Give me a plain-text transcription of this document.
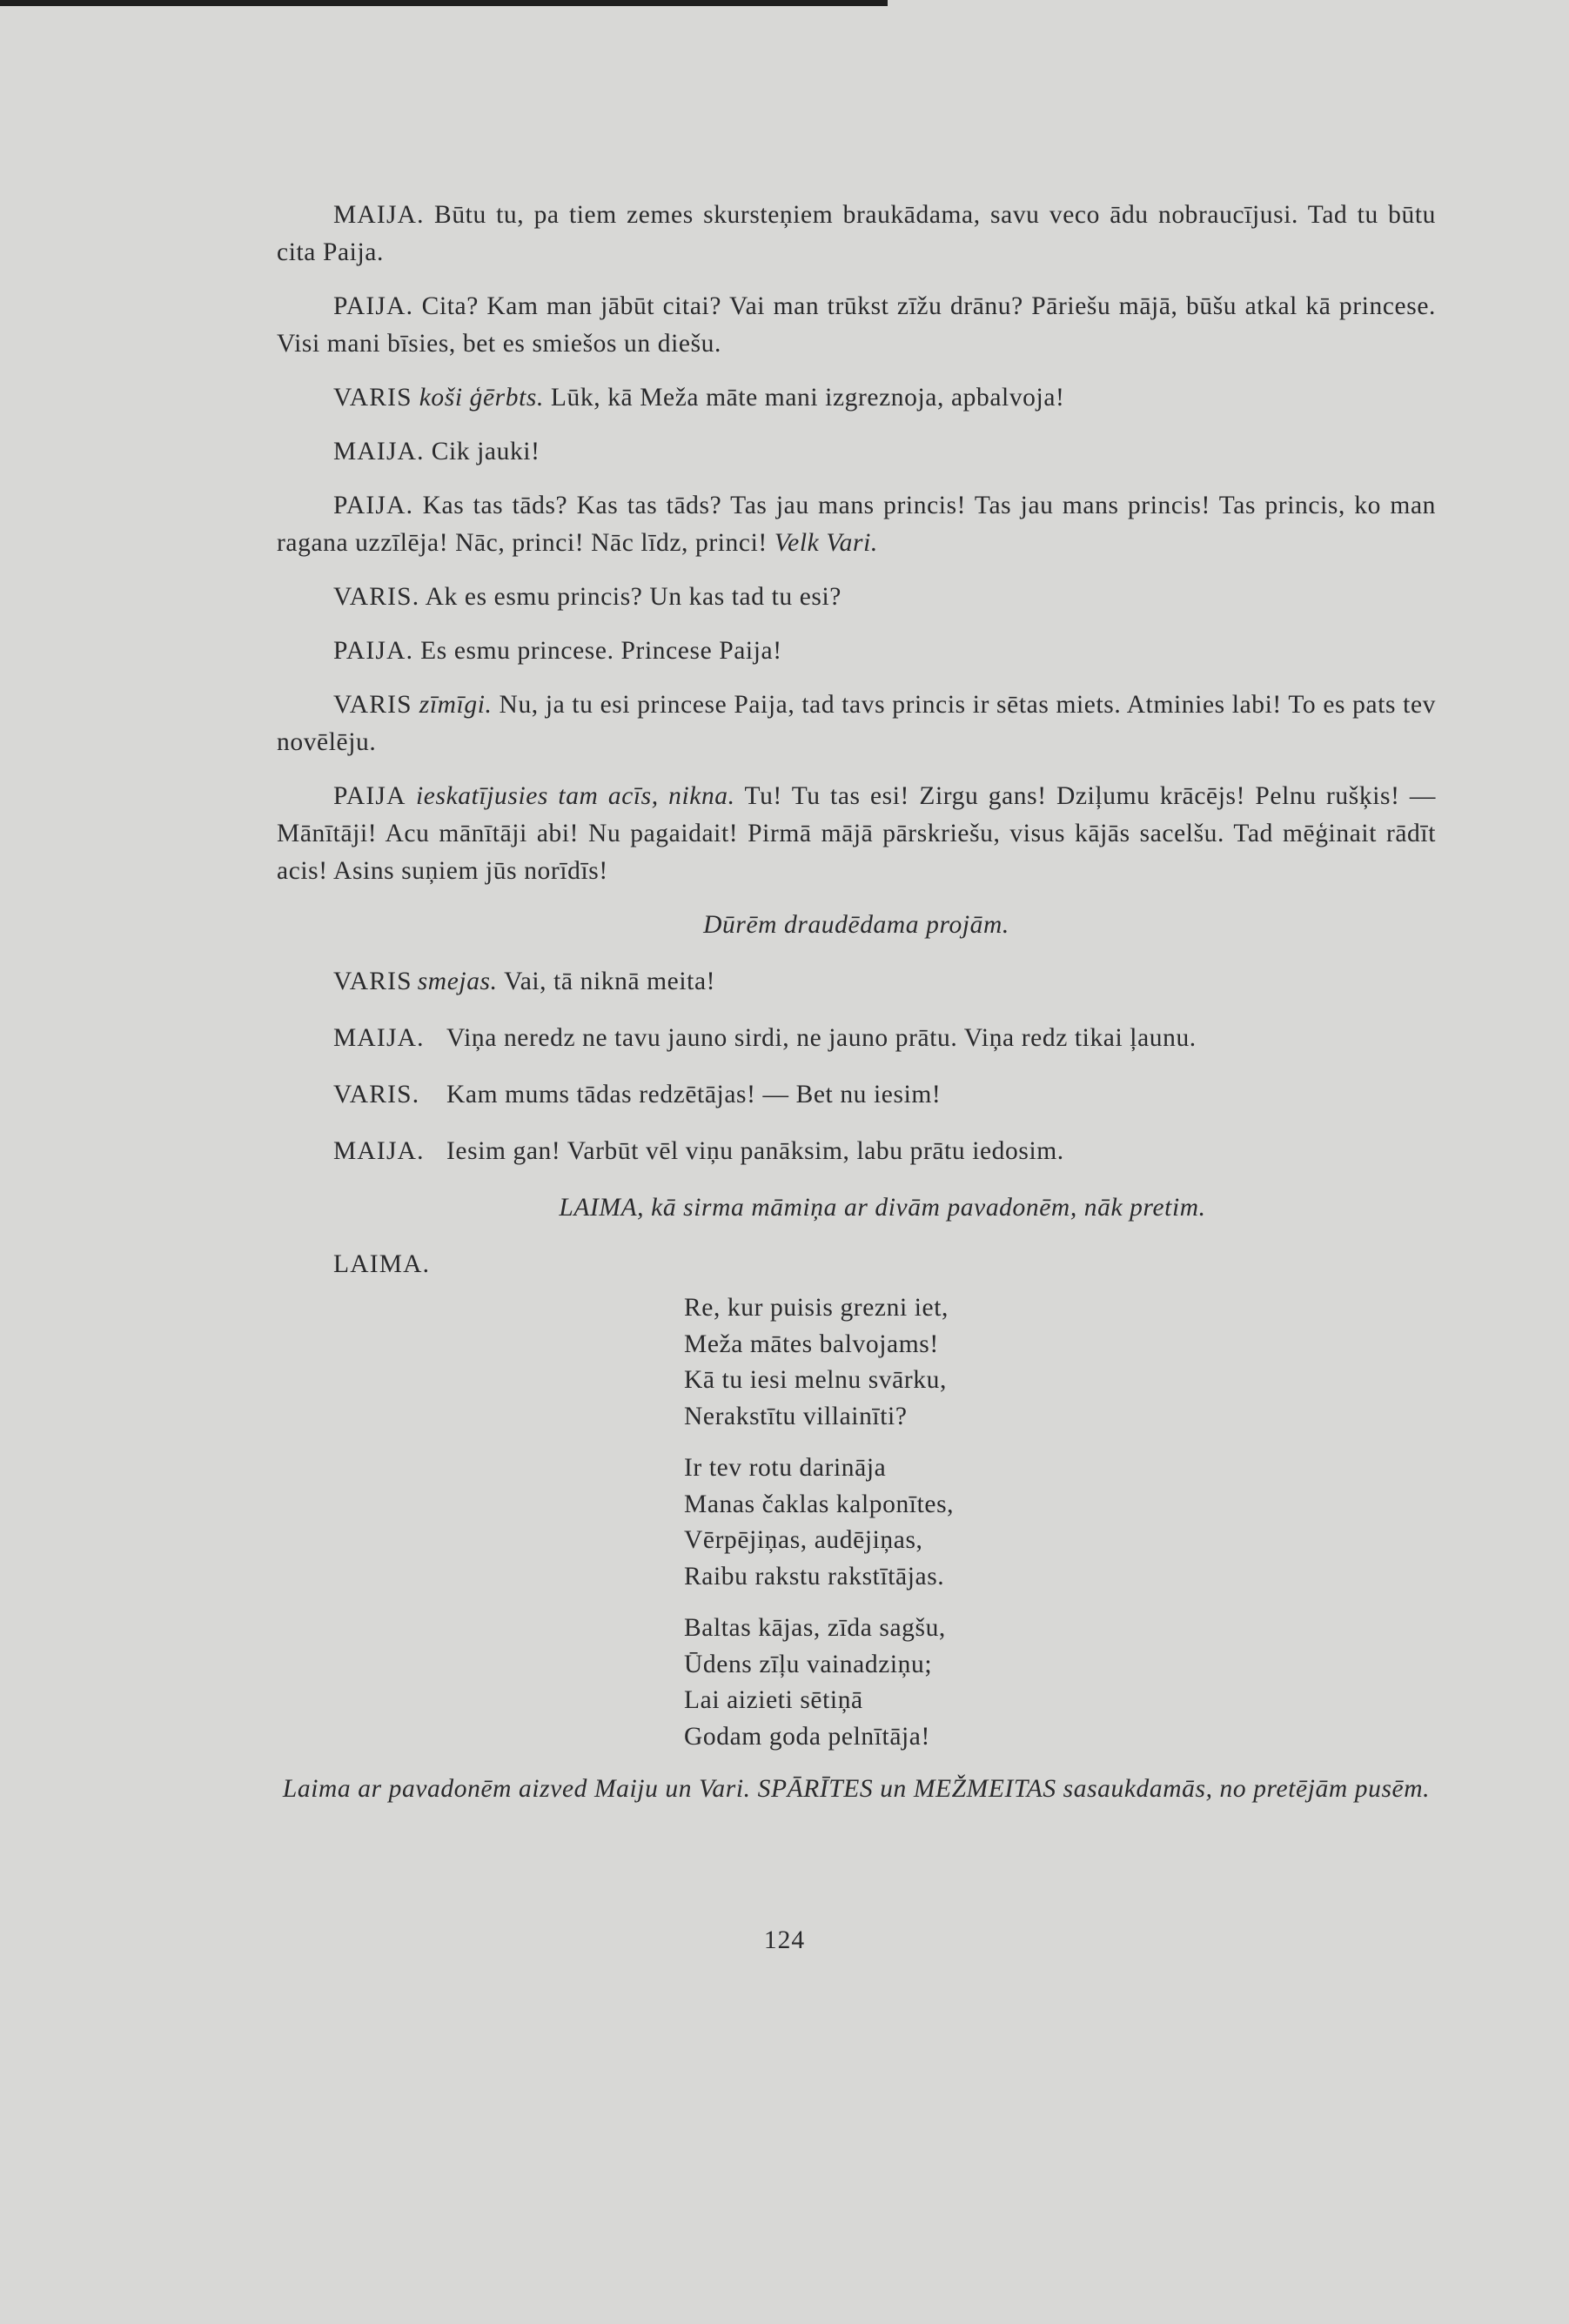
MAIJA. Būtu tu, pa tiem zemes skursteņiem braukādama, savu veco ādu nobraucījusi. Tad tu būtu cita Paija.

PAIJA. Cita? Kam man jābūt citai? Vai man trūkst zīžu drānu? Pāriešu mājā, būšu atkal kā princese. Visi mani bīsies, bet es smiešos un diešu.

VARIS koši ģērbts. Lūk, kā Meža māte mani izgreznoja, apbalvoja!

MAIJA. Cik jauki!

PAIJA. Kas tas tāds? Kas tas tāds? Tas jau mans princis! Tas jau mans princis! Tas princis, ko man ragana uzzīlēja! Nāc, princi! Nāc līdz, princi! Velk Vari.

VARIS. Ak es esmu princis? Un kas tad tu esi?

PAIJA. Es esmu princese. Princese Paija!

VARIS zīmīgi. Nu, ja tu esi princese Paija, tad tavs princis ir sētas miets. Atminies labi! To es pats tev novēlēju.

PAIJA ieskatījusies tam acīs, nikna. Tu! Tu tas esi! Zirgu gans! Dziļumu krācējs! Pelnu rušķis! — Mānītāji! Acu mānītāji abi! Nu pagaidait! Pirmā mājā pārskriešu, visus kājās sacelšu. Tad mēģinait rādīt acis! Asins suņiem jūs norīdīs!

Dūrēm draudēdama projām.

VARIS smejas. Vai, tā niknā meita!

MAIJA. Viņa neredz ne tavu jauno sirdi, ne jauno prātu. Viņa redz tikai ļaunu.

VARIS. Kam mums tādas redzētājas! — Bet nu iesim!

MAIJA. Iesim gan! Varbūt vēl viņu panāksim, labu prātu iedosim.

LAIMA, kā sirma māmiņa ar divām pavadonēm, nāk pretim.

LAIMA.

Re, kur puisis grezni iet,
Meža mātes balvojams!
Kā tu iesi melnu svārku,
Nerakstītu villainīti?
Ir tev rotu darināja
Manas čaklas kalponītes,
Vērpējiņas, audējiņas,
Raibu rakstu rakstītājas.
Baltas kājas, zīda sagšu,
Ūdens zīļu vainadziņu;
Lai aizieti sētiņā
Godam goda pelnītāja!

Laima ar pavadonēm aizved Maiju un Vari. SPĀRĪTES un MEŽMEITAS sasaukdamās, no pretējām pusēm.

124
